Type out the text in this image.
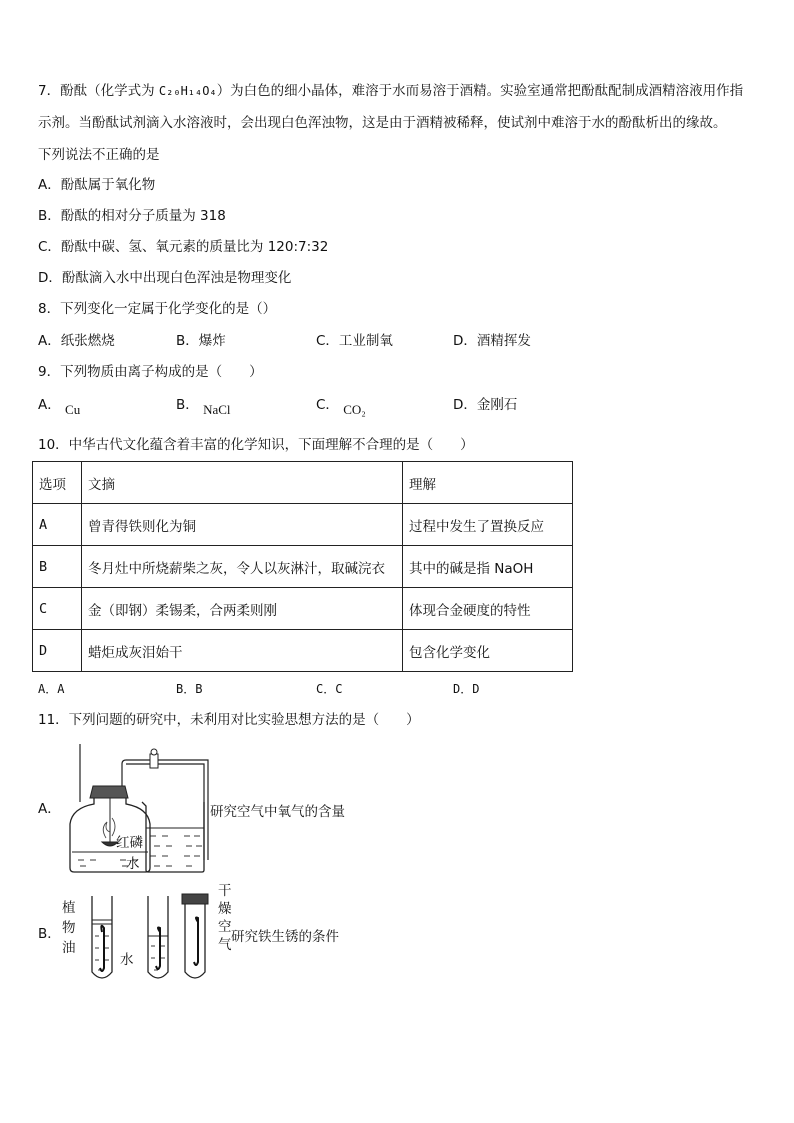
7．酚酞（化学式为 C₂₀H₁₄O₄）为白色的细小晶体，难溶于水而易溶于酒精。实验室通常把酚酞配制成酒精溶液用作指
示剂。当酚酞试剂滴入水溶液时，会出现白色浑浊物，这是由于酒精被稀释，使试剂中难溶于水的酚酞析出的缘故。
下列说法不正确的是
A．酚酞属于氧化物
B．酚酞的相对分子质量为 318
C．酚酞中碳、氢、氧元素的质量比为 120:7:32
D．酚酞滴入水中出现白色浑浊是物理变化
8．下列变化一定属于化学变化的是（）
A．纸张燃烧	B．爆炸	C．工业制氧	D．酒精挥发
9．下列物质由离子构成的是（　　）
A． Cu	B． NaCl	C． CO₂	D．金刚石
10．中华古代文化蕴含着丰富的化学知识，下面理解不合理的是（　　）
选项	文摘	理解
A	曾青得铁则化为铜	过程中发生了置换反应
B	冬月灶中所烧薪柴之灰，令人以灰淋汁，取碱浣衣	其中的碱是指 NaOH
C	金（即钢）柔锡柔，合两柔则刚	体现合金硬度的特性
D	蜡炬成灰泪始干	包含化学变化
A．A	B．B	C．C	D．D
11．下列问题的研究中，未利用对比实验思想方法的是（　　）
A．	研究空气中氧气的含量
红磷
水
B．
植
物
油
水
干
燥
空
气 研究铁生锈的条件
